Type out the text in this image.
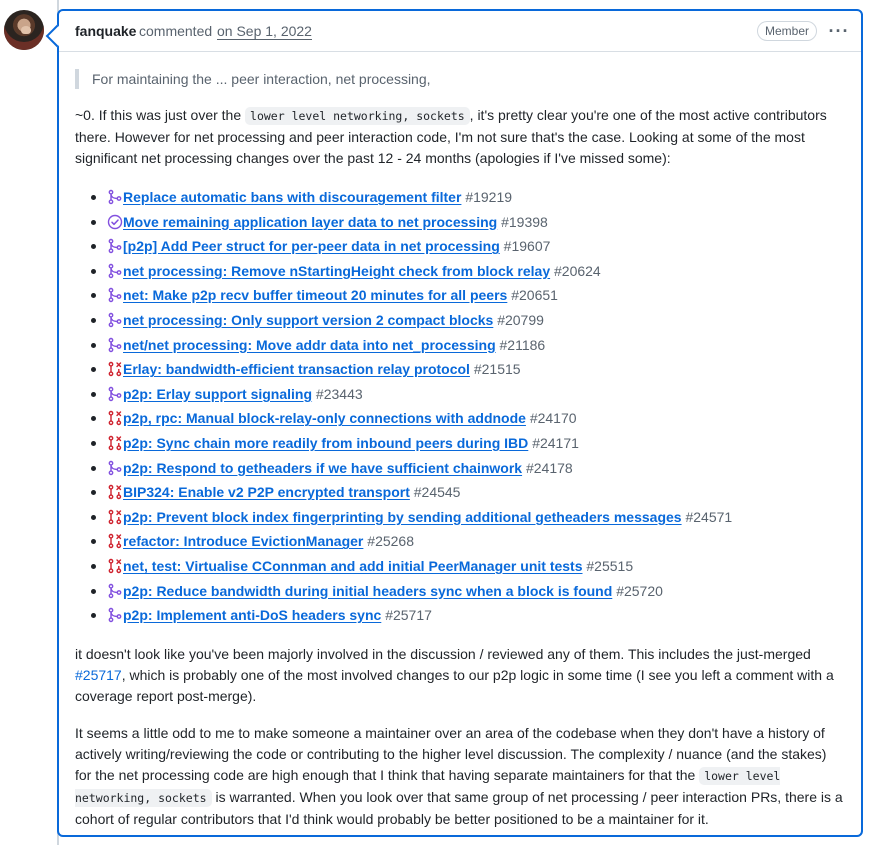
fanquake commented on Sep 1, 2022	Member	···
For maintaining the ... peer interaction, net processing,

~0. If this was just over the lower level networking, sockets , it's pretty clear you're one of the most active contributors there. However for net processing and peer interaction code, I'm not sure that's the case. Looking at some of the most significant net processing changes over the past 12 - 24 months (apologies if I've missed some):

Replace automatic bans with discouragement filter #19219
Move remaining application layer data to net processing #19398
[p2p] Add Peer struct for per-peer data in net processing #19607
net processing: Remove nStartingHeight check from block relay #20624
net: Make p2p recv buffer timeout 20 minutes for all peers #20651
net processing: Only support version 2 compact blocks #20799
net/net processing: Move addr data into net_processing #21186
Erlay: bandwidth-efficient transaction relay protocol #21515
p2p: Erlay support signaling #23443
p2p, rpc: Manual block-relay-only connections with addnode #24170
p2p: Sync chain more readily from inbound peers during IBD #24171
p2p: Respond to getheaders if we have sufficient chainwork #24178
BIP324: Enable v2 P2P encrypted transport #24545
p2p: Prevent block index fingerprinting by sending additional getheaders messages #24571
refactor: Introduce EvictionManager #25268
net, test: Virtualise CConnman and add initial PeerManager unit tests #25515
p2p: Reduce bandwidth during initial headers sync when a block is found #25720
p2p: Implement anti-DoS headers sync #25717

it doesn't look like you've been majorly involved in the discussion / reviewed any of them. This includes the just-merged #25717, which is probably one of the most involved changes to our p2p logic in some time (I see you left a comment with a coverage report post-merge).

It seems a little odd to me to make someone a maintainer over an area of the codebase when they don't have a history of actively writing/reviewing the code or contributing to the higher level discussion. The complexity / nuance (and the stakes) for the net processing code are high enough that I think that having separate maintainers for that the lower level networking, sockets is warranted. When you look over that same group of net processing / peer interaction PRs, there is a cohort of regular contributors that I'd think would probably be better positioned to be a maintainer for it.
